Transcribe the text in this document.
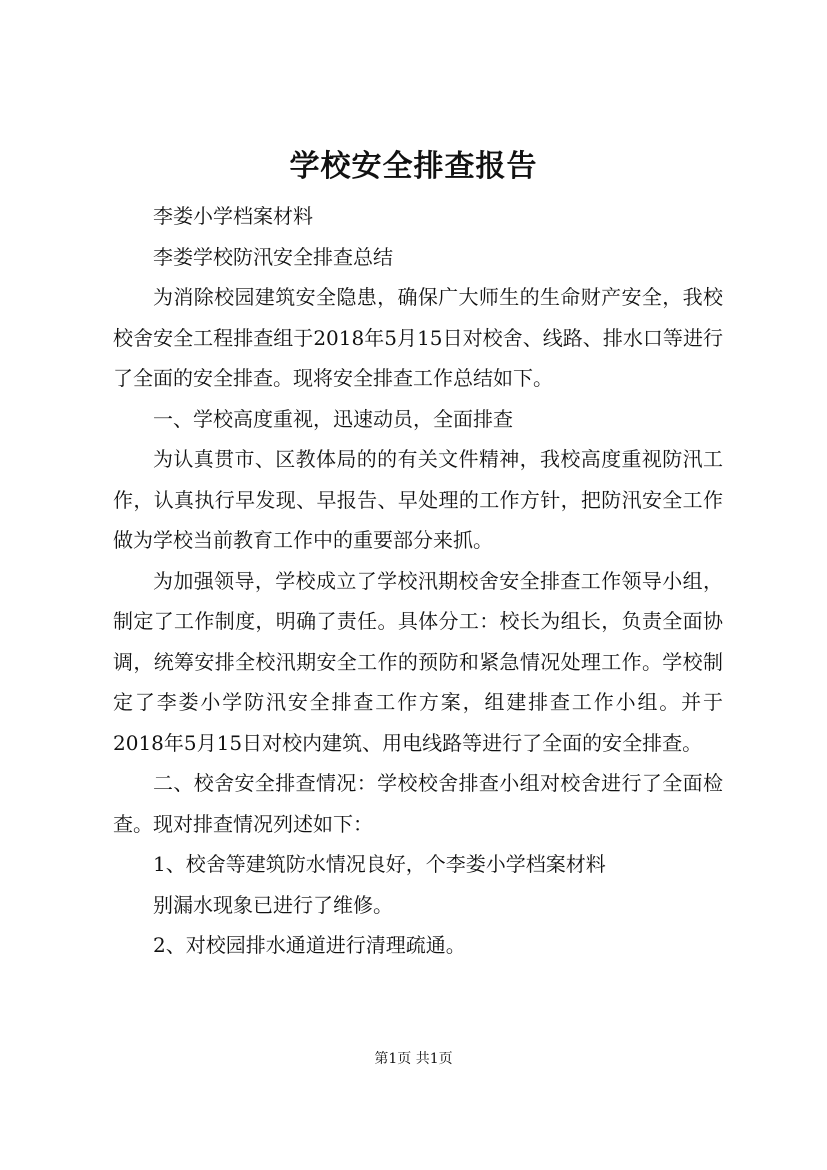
学校安全排查报告

李娄小学档案材料

李娄学校防汛安全排查总结

为消除校园建筑安全隐患，确保广大师生的生命财产安全，我校校舍安全工程排查组于2018年5月15日对校舍、线路、排水口等进行了全面的安全排查。现将安全排查工作总结如下。

一、学校高度重视，迅速动员，全面排查

为认真贯市、区教体局的的有关文件精神，我校高度重视防汛工作，认真执行早发现、早报告、早处理的工作方针，把防汛安全工作做为学校当前教育工作中的重要部分来抓。

为加强领导，学校成立了学校汛期校舍安全排查工作领导小组，制定了工作制度，明确了责任。具体分工：校长为组长，负责全面协调，统筹安排全校汛期安全工作的预防和紧急情况处理工作。学校制定了李娄小学防汛安全排查工作方案，组建排查工作小组。并于2018年5月15日对校内建筑、用电线路等进行了全面的安全排查。

二、校舍安全排查情况：学校校舍排查小组对校舍进行了全面检查。现对排查情况列述如下：

1、校舍等建筑防水情况良好，个李娄小学档案材料

别漏水现象已进行了维修。

2、对校园排水通道进行清理疏通。

第1页 共1页
